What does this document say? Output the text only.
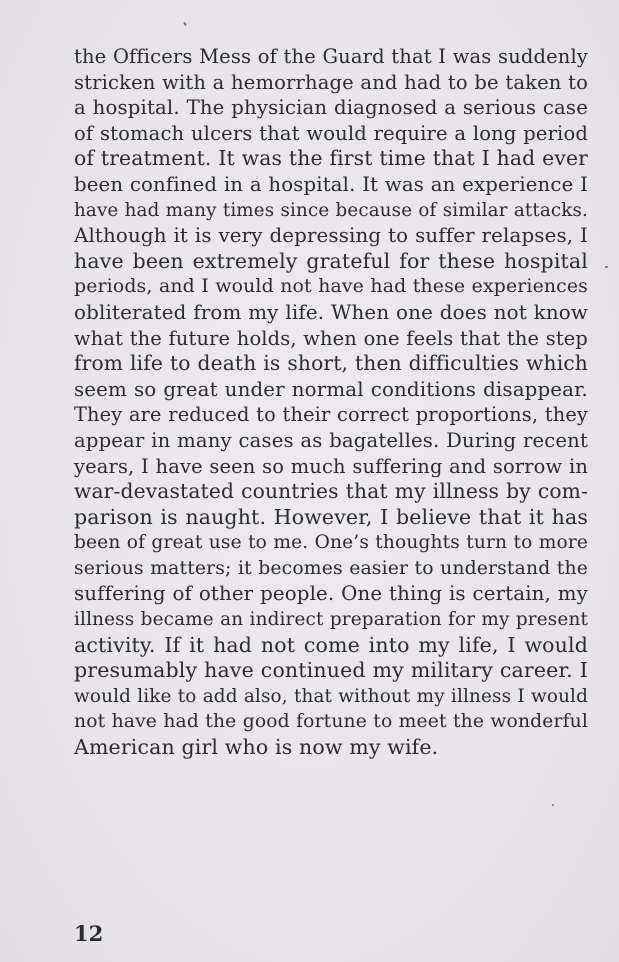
the Officers Mess of the Guard that I was suddenly
stricken with a hemorrhage and had to be taken to
a hospital. The physician diagnosed a serious case
of stomach ulcers that would require a long period
of treatment. It was the first time that I had ever
been confined in a hospital. It was an experience I
have had many times since because of similar attacks.
Although it is very depressing to suffer relapses, I
have been extremely grateful for these hospital
periods, and I would not have had these experiences
obliterated from my life. When one does not know
what the future holds, when one feels that the step
from life to death is short, then difficulties which
seem so great under normal conditions disappear.
They are reduced to their correct proportions, they
appear in many cases as bagatelles. During recent
years, I have seen so much suffering and sorrow in
war-devastated countries that my illness by com-
parison is naught. However, I believe that it has
been of great use to me. One’s thoughts turn to more
serious matters; it becomes easier to understand the
suffering of other people. One thing is certain, my
illness became an indirect preparation for my present
activity. If it had not come into my life, I would
presumably have continued my military career. I
would like to add also, that without my illness I would
not have had the good fortune to meet the wonderful
American girl who is now my wife.
12
